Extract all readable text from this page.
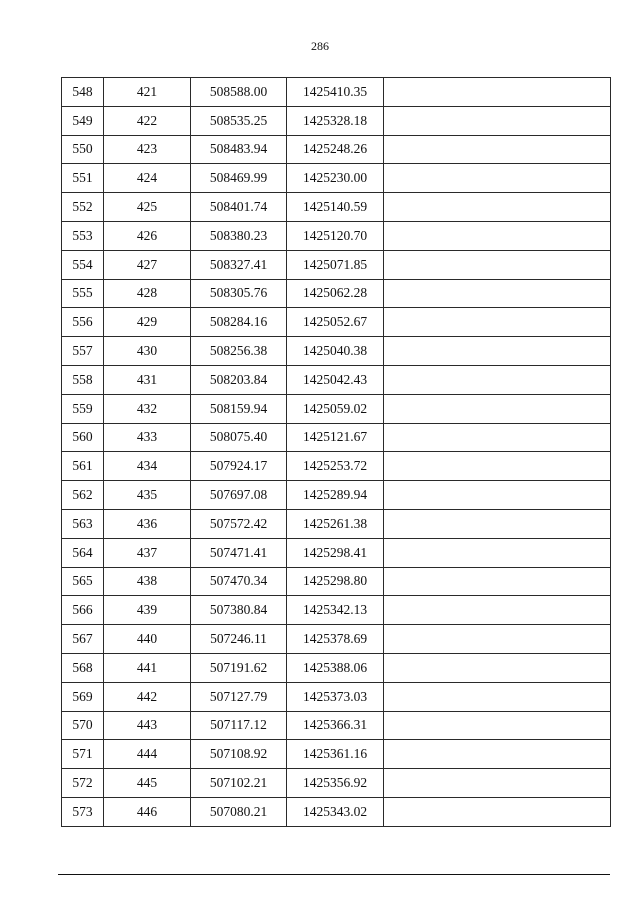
286
548	421	508588.00	1425410.35	
549	422	508535.25	1425328.18	
550	423	508483.94	1425248.26	
551	424	508469.99	1425230.00	
552	425	508401.74	1425140.59	
553	426	508380.23	1425120.70	
554	427	508327.41	1425071.85	
555	428	508305.76	1425062.28	
556	429	508284.16	1425052.67	
557	430	508256.38	1425040.38	
558	431	508203.84	1425042.43	
559	432	508159.94	1425059.02	
560	433	508075.40	1425121.67	
561	434	507924.17	1425253.72	
562	435	507697.08	1425289.94	
563	436	507572.42	1425261.38	
564	437	507471.41	1425298.41	
565	438	507470.34	1425298.80	
566	439	507380.84	1425342.13	
567	440	507246.11	1425378.69	
568	441	507191.62	1425388.06	
569	442	507127.79	1425373.03	
570	443	507117.12	1425366.31	
571	444	507108.92	1425361.16	
572	445	507102.21	1425356.92	
573	446	507080.21	1425343.02	
